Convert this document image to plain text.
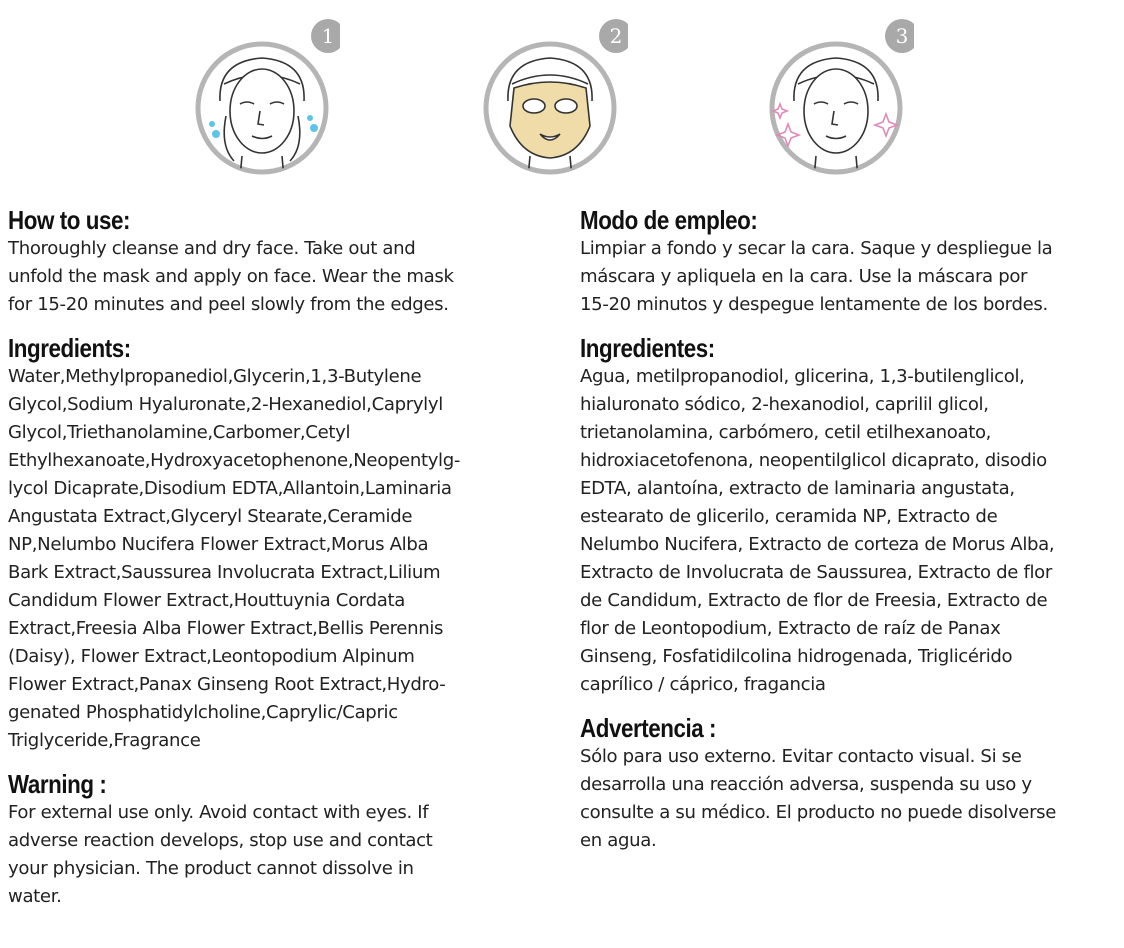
1	2	3

How to use:

Thoroughly cleanse and dry face. Take out and
unfold the mask and apply on face. Wear the mask
for 15-20 minutes and peel slowly from the edges.

Ingredients:

Water,Methylpropanediol,Glycerin,1,3-Butylene
Glycol,Sodium Hyaluronate,2-Hexanediol,Caprylyl
Glycol,Triethanolamine,Carbomer,Cetyl
Ethylhexanoate,Hydroxyacetophenone,Neopentylg-
lycol Dicaprate,Disodium EDTA,Allantoin,Laminaria
Angustata Extract,Glyceryl Stearate,Ceramide
NP,Nelumbo Nucifera Flower Extract,Morus Alba
Bark Extract,Saussurea Involucrata Extract,Lilium
Candidum Flower Extract,Houttuynia Cordata
Extract,Freesia Alba Flower Extract,Bellis Perennis
(Daisy), Flower Extract,Leontopodium Alpinum
Flower Extract,Panax Ginseng Root Extract,Hydro-
genated Phosphatidylcholine,Caprylic/Capric
Triglyceride,Fragrance

Warning :

For external use only. Avoid contact with eyes. If
adverse reaction develops, stop use and contact
your physician. The product cannot dissolve in
water.

Modo de empleo:

Limpiar a fondo y secar la cara. Saque y despliegue la
máscara y apliquela en la cara. Use la máscara por
15-20 minutos y despegue lentamente de los bordes.

Ingredientes:

Agua, metilpropanodiol, glicerina, 1,3-butilenglicol,
hialuronato sódico, 2-hexanodiol, caprilil glicol,
trietanolamina, carbómero, cetil etilhexanoato,
hidroxiacetofenona, neopentilglicol dicaprato, disodio
EDTA, alantoína, extracto de laminaria angustata,
estearato de glicerilo, ceramida NP, Extracto de
Nelumbo Nucifera, Extracto de corteza de Morus Alba,
Extracto de Involucrata de Saussurea, Extracto de flor
de Candidum, Extracto de flor de Freesia, Extracto de
flor de Leontopodium, Extracto de raíz de Panax
Ginseng, Fosfatidilcolina hidrogenada, Triglicérido
caprílico / cáprico, fragancia

Advertencia :

Sólo para uso externo. Evitar contacto visual. Si se
desarrolla una reacción adversa, suspenda su uso y
consulte a su médico. El producto no puede disolverse
en agua.
